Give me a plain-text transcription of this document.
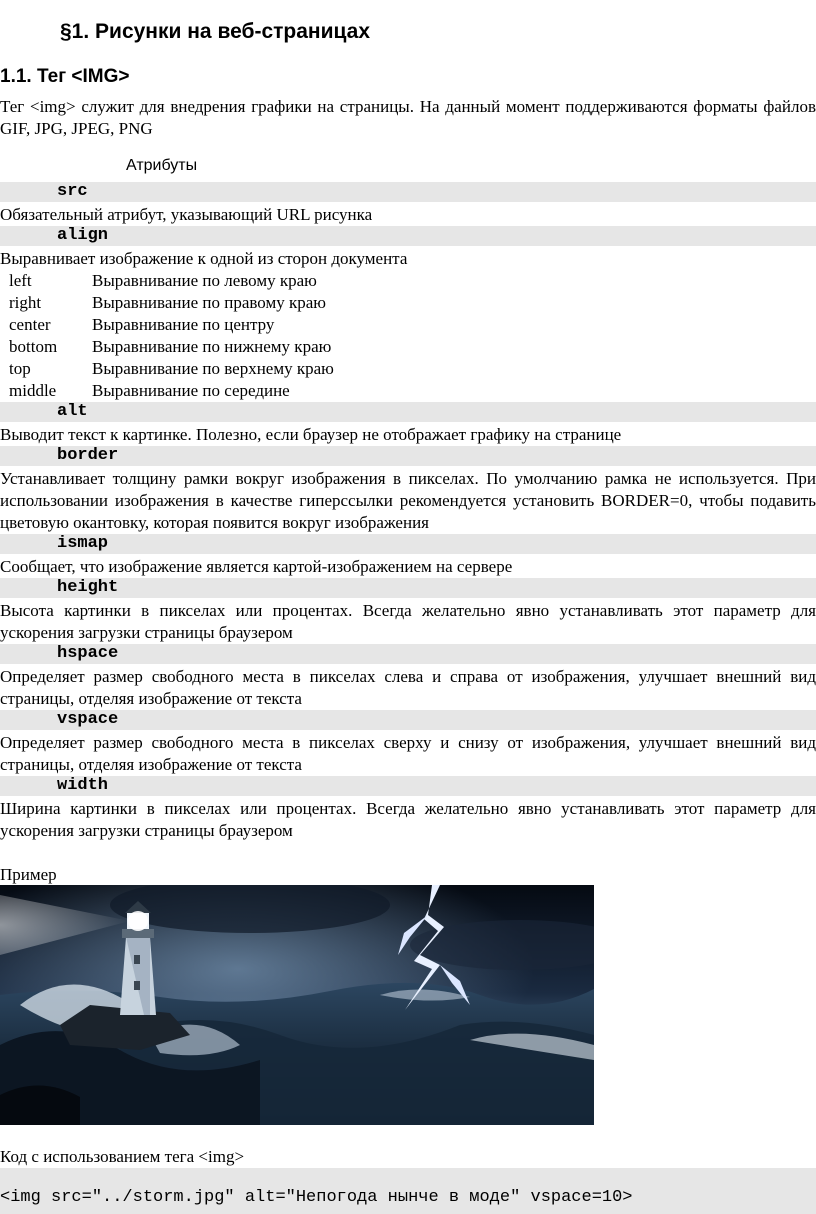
§1. Рисунки на веб-страницах
1.1. Тег <IMG>
Тег <img> служит для внедрения графики на страницы. На данный момент поддерживаются форматы файлов GIF, JPG, JPEG, PNG
Атрибуты
src
Обязательный атрибут, указывающий URL рисунка
align
Выравнивает изображение к одной из сторон документа
left	Выравнивание по левому краю
right	Выравнивание по правому краю
center Выравнивание по центру
bottom Выравнивание по нижнему краю
top	Выравнивание по верхнему краю
middle Выравнивание по середине
alt
Выводит текст к картинке. Полезно, если браузер не отображает графику на странице
border
Устанавливает толщину рамки вокруг изображения в пикселах. По умолчанию рамка не используется. При использовании изображения в качестве гиперссылки рекомендуется установить BORDER=0, чтобы подавить цветовую окантовку, которая появится вокруг изображения
ismap
Сообщает, что изображение является картой-изображением на сервере
height
Высота картинки в пикселах или процентах. Всегда желательно явно устанавливать этот параметр для ускорения загрузки страницы браузером
hspace
Определяет размер свободного места в пикселах слева и справа от изображения, улучшает внешний вид страницы, отделяя изображение от текста
vspace
Определяет размер свободного места в пикселах сверху и снизу от изображения, улучшает внешний вид страницы, отделяя изображение от текста
width
Ширина картинки в пикселах или процентах. Всегда желательно явно устанавливать этот параметр для ускорения загрузки страницы браузером
Пример
Код с использованием тега <img>
<img src="../storm.jpg" alt="Непогода нынче в моде" vspace=10>
